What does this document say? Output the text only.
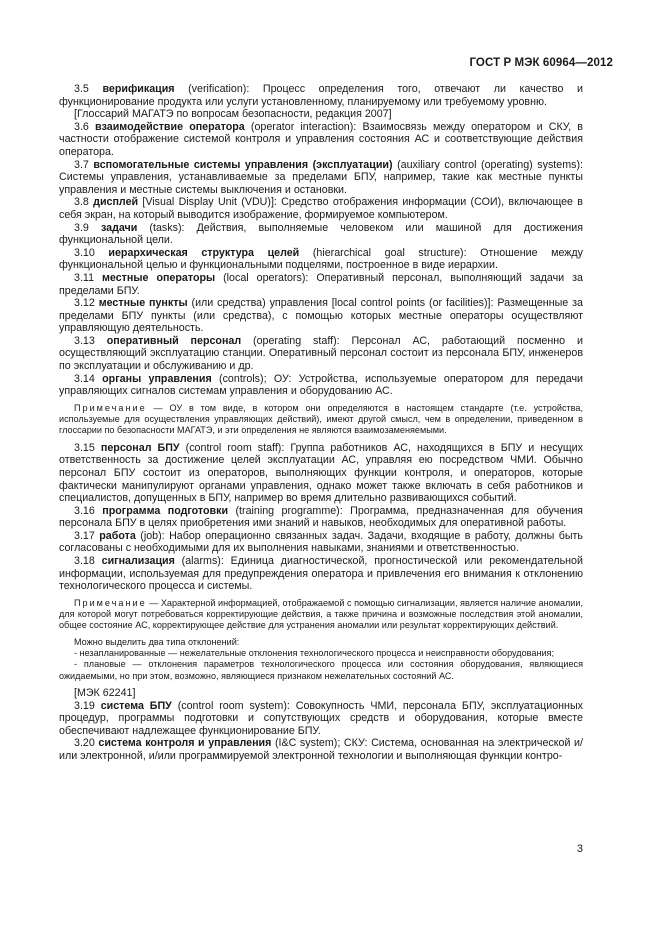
ГОСТ Р МЭК 60964—2012

3.5 верификация (verification): Процесс определения того, отвечают ли качество и функционирование продукта или услуги установленному, планируемому или требуемому уровню.

[Глоссарий МАГАТЭ по вопросам безопасности, редакция 2007]

3.6 взаимодействие оператора (operator interaction): Взаимосвязь между оператором и СКУ, в частности отображение системой контроля и управления состояния АС и соответствующие действия оператора.

3.7 вспомогательные системы управления (эксплуатации) (auxiliary control (operating) systems): Системы управления, устанавливаемые за пределами БПУ, например, такие как местные пункты управления и местные системы выключения и остановки.

3.8 дисплей [Visual Display Unit (VDU)]: Средство отображения информации (СОИ), включающее в себя экран, на который выводится изображение, формируемое компьютером.

3.9 задачи (tasks): Действия, выполняемые человеком или машиной для достижения функциональной цели.

3.10 иерархическая структура целей (hierarchical goal structure): Отношение между функциональной целью и функциональными подцелями, построенное в виде иерархии.

3.11 местные операторы (local operators): Оперативный персонал, выполняющий задачи за пределами БПУ.

3.12 местные пункты (или средства) управления [local control points (or facilities)]: Размещенные за пределами БПУ пункты (или средства), с помощью которых местные операторы осуществляют управляющую деятельность.

3.13 оперативный персонал (operating staff): Персонал АС, работающий посменно и осуществляющий эксплуатацию станции. Оперативный персонал состоит из персонала БПУ, инженеров по эксплуатации и обслуживанию и др.

3.14 органы управления (controls); ОУ: Устройства, используемые оператором для передачи управляющих сигналов системам управления и оборудованию АС.

Примечание — ОУ в том виде, в котором они определяются в настоящем стандарте (т.е. устройства, используемые для осуществления управляющих действий), имеют другой смысл, чем в определении, приведенном в глоссарии по безопасности МАГАТЭ, и эти определения не являются взаимозаменяемыми.

3.15 персонал БПУ (control room staff): Группа работников АС, находящихся в БПУ и несущих ответственность за достижение целей эксплуатации АС, управляя ею посредством ЧМИ. Обычно персонал БПУ состоит из операторов, выполняющих функции контроля, и операторов, которые фактически манипулируют органами управления, однако может также включать в себя работников и специалистов, допущенных в БПУ, например во время длительно развивающихся событий.

3.16 программа подготовки (training programme): Программа, предназначенная для обучения персонала БПУ в целях приобретения ими знаний и навыков, необходимых для оперативной работы.

3.17 работа (job): Набор операционно связанных задач. Задачи, входящие в работу, должны быть согласованы с необходимыми для их выполнения навыками, знаниями и ответственностью.

3.18 сигнализация (alarms): Единица диагностической, прогностической или рекомендательной информации, используемая для предупреждения оператора и привлечения его внимания к отклонению технологического процесса и системы.

Примечание — Характерной информацией, отображаемой с помощью сигнализации, является наличие аномалии, для которой могут потребоваться корректирующие действия, а также причина и возможные последствия этой аномалии, общее состояние АС, корректирующее действие для устранения аномалии или результат корректирующих действий.

Можно выделить два типа отклонений:

- незапланированные — нежелательные отклонения технологического процесса и неисправности оборудования;

- плановые — отклонения параметров технологического процесса или состояния оборудования, являющиеся ожидаемыми, но при этом, возможно, являющиеся признаком нежелательных состояний АС.

[МЭК 62241]

3.19 система БПУ (control room system): Совокупность ЧМИ, персонала БПУ, эксплуатационных процедур, программы подготовки и сопутствующих средств и оборудования, которые вместе обеспечивают надлежащее функционирование БПУ.

3.20 система контроля и управления (I&C system); СКУ: Система, основанная на электрической и/или электронной, и/или программируемой электронной технологии и выполняющая функции контро-

3
